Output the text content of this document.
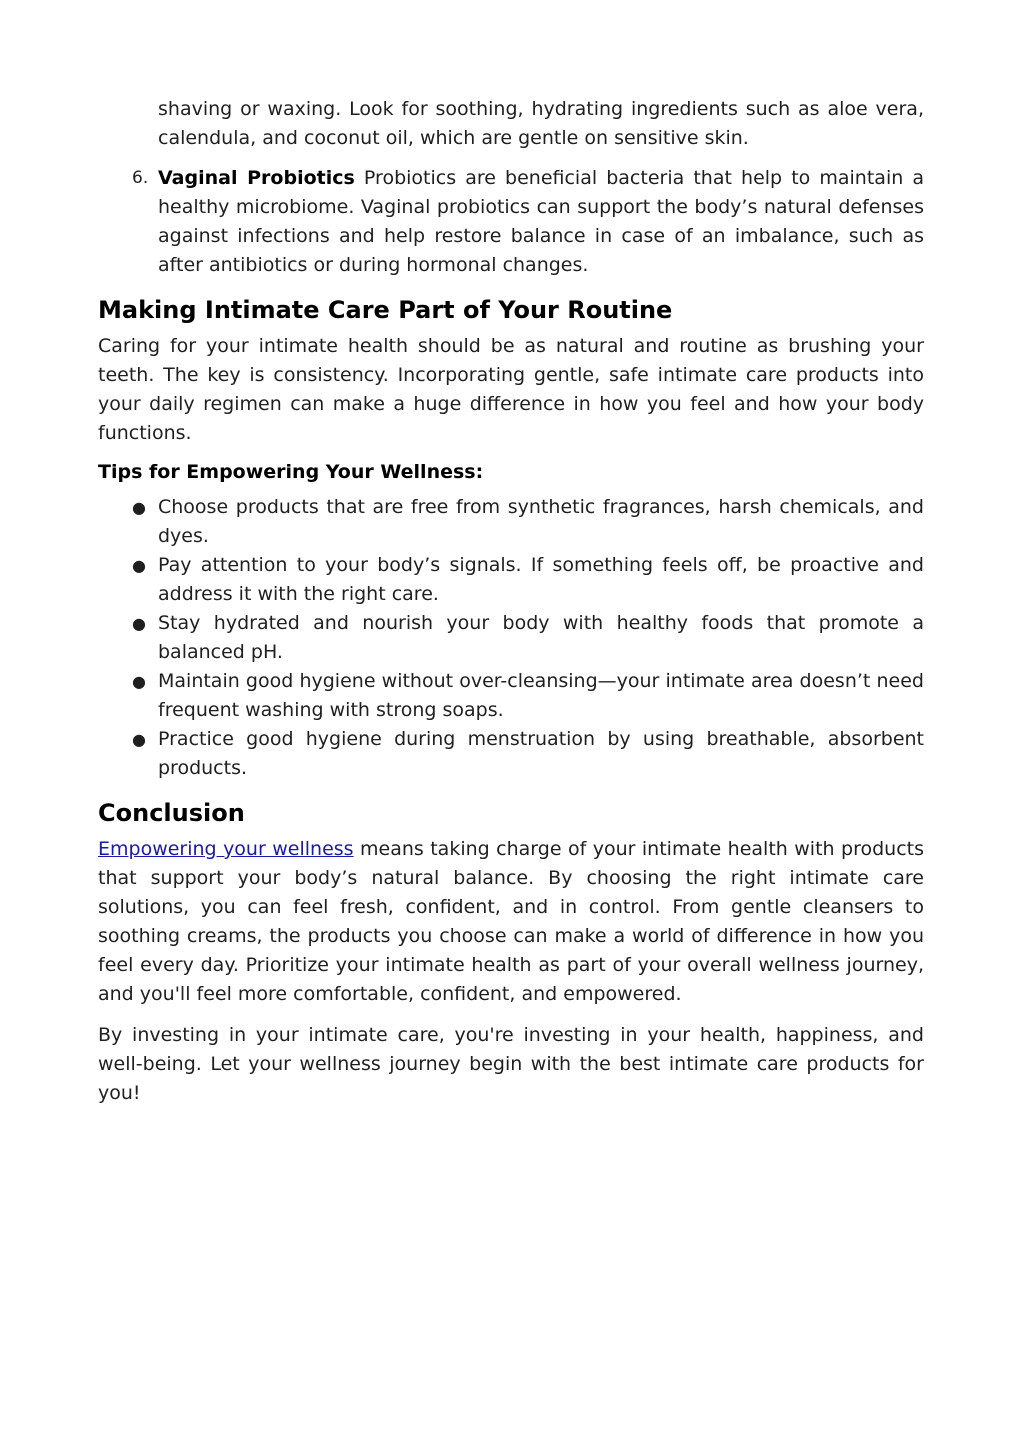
shaving or waxing. Look for soothing, hydrating ingredients such as aloe vera, calendula, and coconut oil, which are gentle on sensitive skin.

6. Vaginal Probiotics Probiotics are beneficial bacteria that help to maintain a healthy microbiome. Vaginal probiotics can support the body’s natural defenses against infections and help restore balance in case of an imbalance, such as after antibiotics or during hormonal changes.
Making Intimate Care Part of Your Routine

Caring for your intimate health should be as natural and routine as brushing your teeth. The key is consistency. Incorporating gentle, safe intimate care products into your daily regimen can make a huge difference in how you feel and how your body functions.

Tips for Empowering Your Wellness:
● Choose products that are free from synthetic fragrances, harsh chemicals, and dyes.
● Pay attention to your body’s signals. If something feels off, be proactive and address it with the right care.
● Stay hydrated and nourish your body with healthy foods that promote a balanced pH.
● Maintain good hygiene without over-cleansing—your intimate area doesn’t need frequent washing with strong soaps.
● Practice good hygiene during menstruation by using breathable, absorbent products.
Conclusion

Empowering your wellness means taking charge of your intimate health with products that support your body’s natural balance. By choosing the right intimate care solutions, you can feel fresh, confident, and in control. From gentle cleansers to soothing creams, the products you choose can make a world of difference in how you feel every day. Prioritize your intimate health as part of your overall wellness journey, and you'll feel more comfortable, confident, and empowered.

By investing in your intimate care, you're investing in your health, happiness, and well-being. Let your wellness journey begin with the best intimate care products for you!
